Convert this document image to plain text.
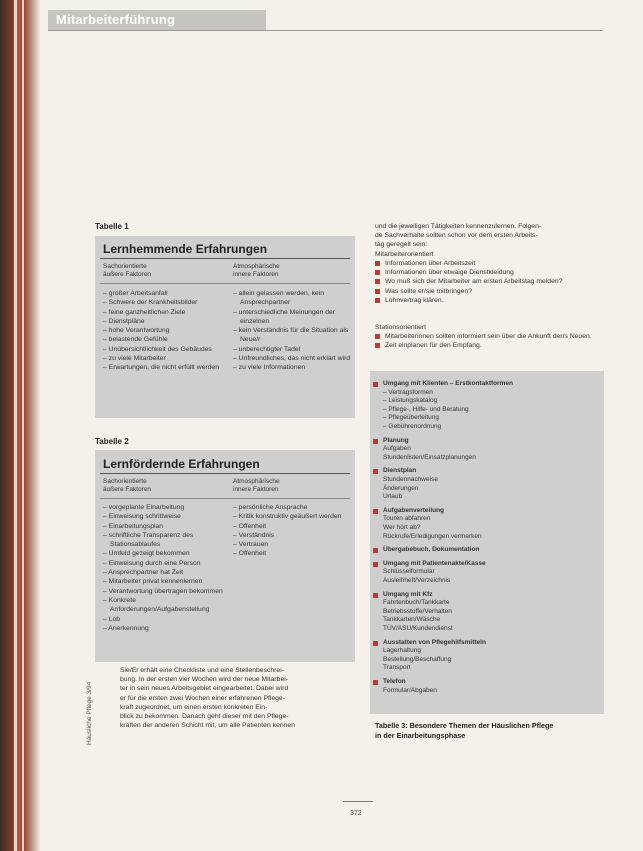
Mitarbeiterführung
Tabelle 1
Lernhemmende Erfahrungen
Sachorientierte
äußere Faktoren
Atmosphärische
innere Faktoren
– großer Arbeitsanfall
– Schwere der Krankheitsbilder
– feine ganzheitlichen Ziele
– Dienstpläne
– hohe Verantwortung
– belastende Gefühle
– Unübersichtlichkeit des Gebäudes
– zu viele Mitarbeiter
– Erwartungen, die nicht erfüllt werden
– allein gelassen werden, kein Ansprechpartner
– unterschiedliche Meinungen der einzelnen
– kein Verständnis für die Situation als Neue/r
– unberechtigter Tadel
– Unfreundliches, das nicht erklärt wird
– zu viele Informationen
Tabelle 2
Lernfördernde Erfahrungen
Sachorientierte
äußere Faktoren
Atmosphärische
innere Faktoren
– vorgeplante Einarbeitung
– Einweisung schrittweise
– Einarbeitungsplan
– schriftliche Transparenz des Stationsablaufes
– Umfeld gezeigt bekommen
– Einweisung durch eine Person
– Ansprechpartner hat Zeit
– Mitarbeiter privat kennenlernen
– Verantwortung übertragen bekommen
– Konkrete Anforderungen/Aufgabenstellung
– Lob
– Anerkennung
– persönliche Ansprache
– Kritik konstruktiv geäußert werden
– Offenheit
– Verständnis
– Vertrauen
– Offenheit
Sie/Er erhält eine Checkliste und eine Stellenbeschrei-
bung. In der ersten vier Wochen wird der neue Mitarbei-
ter in sein neues Arbeitsgebiet eingearbeitet. Dabei wird
er für die ersten zwei Wochen einer erfahrenen Pflege-
kraft zugeordnet, um einen ersten konkreten Ein-
blick zu bekommen. Danach geht dieser mit den Pflege-
kräften der anderen Schicht mit, um alle Patienten kennen
und die jeweiligen Tätigkeiten kennenzulernen. Folgen-
de Sachverhalte sollten schon vor dem ersten Arbeits-
tag geregelt sein:
Mitarbeiterorientiert
Informationen über Arbeitszeit
Informationen über etwaige Dienstkleidung
Wo muß sich der Mitarbeiter am ersten Arbeitstag melden?
Was sollte er/sie mitbringen?
Lohnvertrag klären.
Stationsorientiert
Mitarbeiterinnen sollten informiert sein über die Ankunft der/s Neuen.
Zeit einplanen für den Empfang.
Umgang mit Klienten – Erstkontaktformen
– Vertragsformen
– Leistungskatalog
– Pflege-, Hilfe- und Beratung
– Pflegeüberleitung
– Gebührenordnung
Planung
Aufgaben
Stundenlisten/Einsatzplanungen
Dienstplan
Stundennachweise
Änderungen
Urlaub
Aufgabenverteilung
Touren abfahren
Wer hört ab?
Rückrufe/Erledigungen vermerken
Übergabebuch, Dokumentation
Umgang mit Patientenakte/Kasse
Schlüsselformular
Ausleihheft/Verzeichnis
Umgang mit Kfz
Fahrtenbuch/Tankkarte
Betriebsstoffe/Verhalten
Tankkarten/Wäsche
TÜV/ASU/Kundendienst
Ausstatten von Pflegehilfsmitteln
Lagerhaltung
Bestellung/Beschaffung
Transport
Telefon
Formular/Abgaben
Tabelle 3: Besondere Themen der Häuslichen Pflege
in der Einarbeitungsphase
Häusliche Pflege 3/94
372
